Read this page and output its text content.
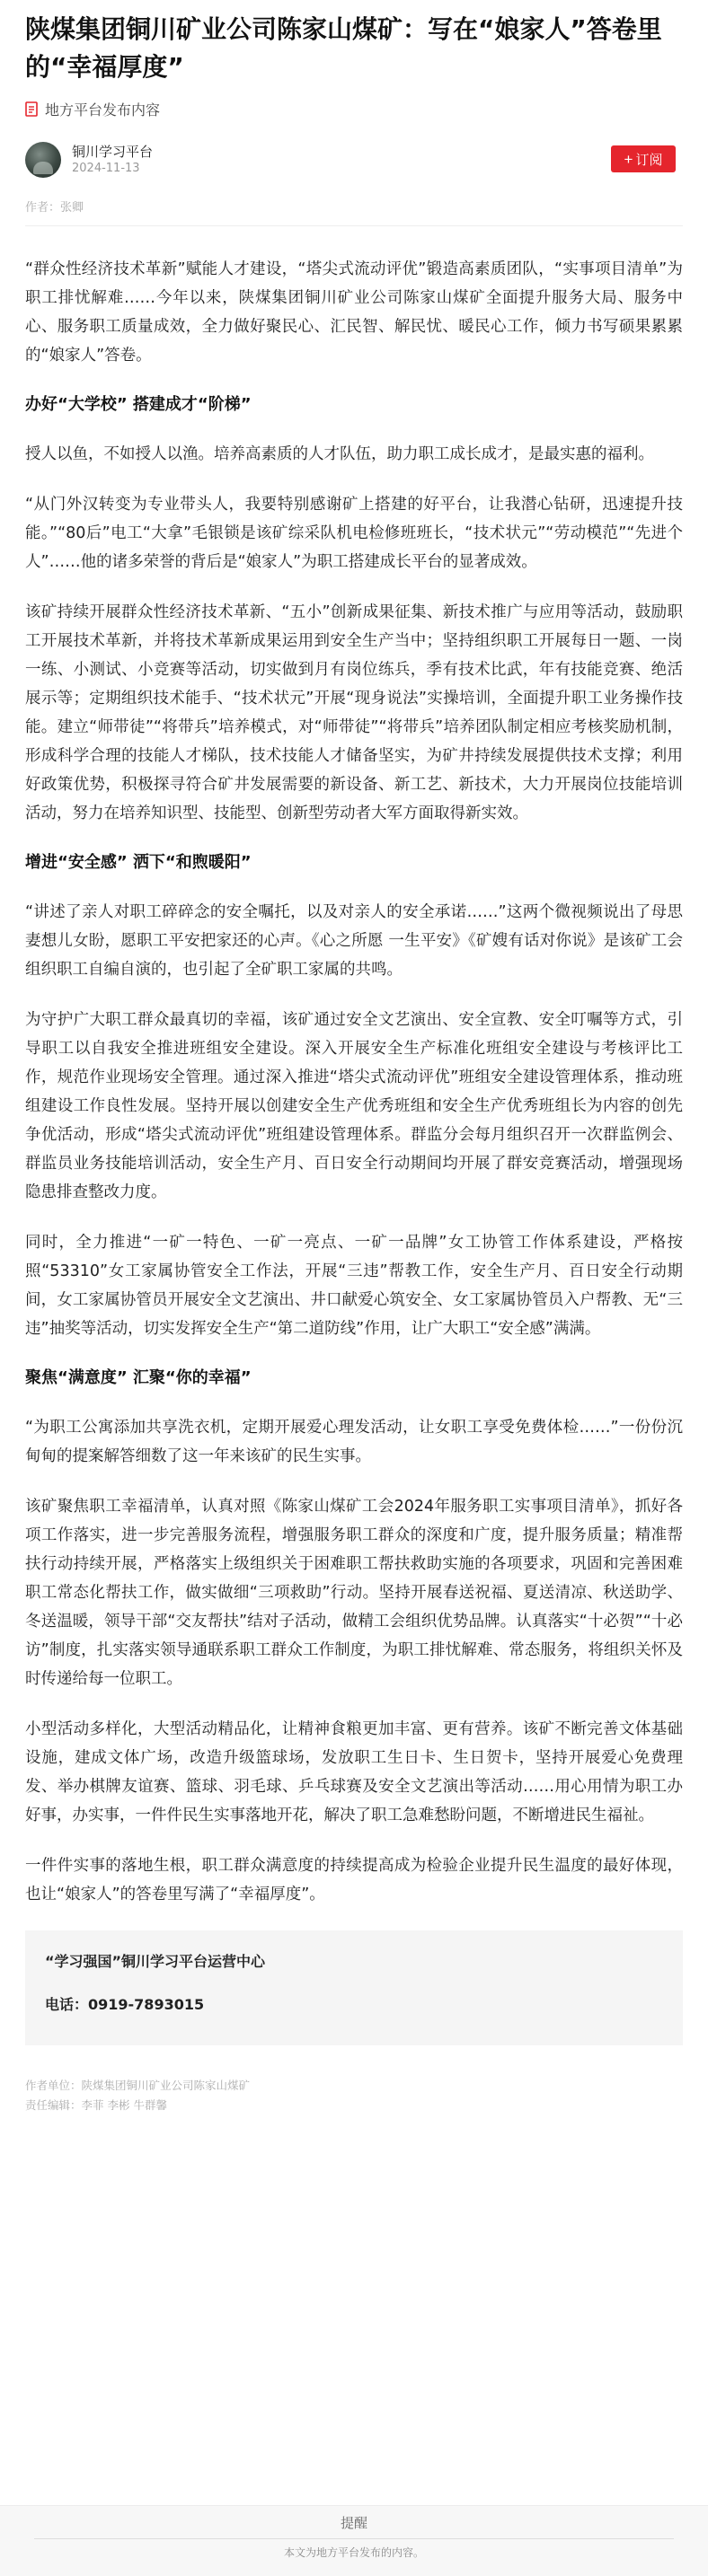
陕煤集团铜川矿业公司陈家山煤矿：写在“娘家人”答卷里的“幸福厚度”
地方平台发布内容
铜川学习平台
2024-11-13
+ 订阅
作者：张卿

“群众性经济技术革新”赋能人才建设，“塔尖式流动评优”锻造高素质团队，“实事项目清单”为职工排忧解难……今年以来，陕煤集团铜川矿业公司陈家山煤矿全面提升服务大局、服务中心、服务职工质量成效，全力做好聚民心、汇民智、解民忧、暖民心工作，倾力书写硕果累累的“娘家人”答卷。

办好“大学校” 搭建成才“阶梯”

授人以鱼，不如授人以渔。培养高素质的人才队伍，助力职工成长成才，是最实惠的福利。

“从门外汉转变为专业带头人，我要特别感谢矿上搭建的好平台，让我潜心钻研，迅速提升技能。”“80后”电工“大拿”毛银锁是该矿综采队机电检修班班长，“技术状元”“劳动模范”“先进个人”……他的诸多荣誉的背后是“娘家人”为职工搭建成长平台的显著成效。

该矿持续开展群众性经济技术革新、“五小”创新成果征集、新技术推广与应用等活动，鼓励职工开展技术革新，并将技术革新成果运用到安全生产当中；坚持组织职工开展每日一题、一岗一练、小测试、小竞赛等活动，切实做到月有岗位练兵，季有技术比武，年有技能竞赛、绝活展示等；定期组织技术能手、“技术状元”开展“现身说法”实操培训，全面提升职工业务操作技能。建立“师带徒”“将带兵”培养模式，对“师带徒”“将带兵”培养团队制定相应考核奖励机制，形成科学合理的技能人才梯队，技术技能人才储备坚实，为矿井持续发展提供技术支撑；利用好政策优势，积极探寻符合矿井发展需要的新设备、新工艺、新技术，大力开展岗位技能培训活动，努力在培养知识型、技能型、创新型劳动者大军方面取得新实效。

增进“安全感” 洒下“和煦暖阳”

“讲述了亲人对职工碎碎念的安全嘱托，以及对亲人的安全承诺……”这两个微视频说出了母思妻想儿女盼，愿职工平安把家还的心声。《心之所愿 一生平安》《矿嫂有话对你说》是该矿工会组织职工自编自演的，也引起了全矿职工家属的共鸣。

为守护广大职工群众最真切的幸福，该矿通过安全文艺演出、安全宣教、安全叮嘱等方式，引导职工以自我安全推进班组安全建设。深入开展安全生产标准化班组安全建设与考核评比工作，规范作业现场安全管理。通过深入推进“塔尖式流动评优”班组安全建设管理体系，推动班组建设工作良性发展。坚持开展以创建安全生产优秀班组和安全生产优秀班组长为内容的创先争优活动，形成“塔尖式流动评优”班组建设管理体系。群监分会每月组织召开一次群监例会、群监员业务技能培训活动，安全生产月、百日安全行动期间均开展了群安竞赛活动，增强现场隐患排查整改力度。

同时，全力推进“一矿一特色、一矿一亮点、一矿一品牌”女工协管工作体系建设，严格按照“53310”女工家属协管安全工作法，开展“三违”帮教工作，安全生产月、百日安全行动期间，女工家属协管员开展安全文艺演出、井口献爱心筑安全、女工家属协管员入户帮教、无“三违”抽奖等活动，切实发挥安全生产“第二道防线”作用，让广大职工“安全感”满满。

聚焦“满意度” 汇聚“你的幸福”

“为职工公寓添加共享洗衣机，定期开展爱心理发活动，让女职工享受免费体检……”一份份沉甸甸的提案解答细数了这一年来该矿的民生实事。

该矿聚焦职工幸福清单，认真对照《陈家山煤矿工会2024年服务职工实事项目清单》，抓好各项工作落实，进一步完善服务流程，增强服务职工群众的深度和广度，提升服务质量；精准帮扶行动持续开展，严格落实上级组织关于困难职工帮扶救助实施的各项要求，巩固和完善困难职工常态化帮扶工作，做实做细“三项救助”行动。坚持开展春送祝福、夏送清凉、秋送助学、冬送温暖，领导干部“交友帮扶”结对子活动，做精工会组织优势品牌。认真落实“十必贺”“十必访”制度，扎实落实领导通联系职工群众工作制度，为职工排忧解难、常态服务，将组织关怀及时传递给每一位职工。

小型活动多样化，大型活动精品化，让精神食粮更加丰富、更有营养。该矿不断完善文体基础设施，建成文体广场，改造升级篮球场，发放职工生日卡、生日贺卡，坚持开展爱心免费理发、举办棋牌友谊赛、篮球、羽毛球、乒乓球赛及安全文艺演出等活动……用心用情为职工办好事，办实事，一件件民生实事落地开花，解决了职工急难愁盼问题，不断增进民生福祉。

一件件实事的落地生根，职工群众满意度的持续提高成为检验企业提升民生温度的最好体现，也让“娘家人”的答卷里写满了“幸福厚度”。

“学习强国”铜川学习平台运营中心
电话：0919-7893015
作者单位：陕煤集团铜川矿业公司陈家山煤矿
责任编辑：李菲 李彬 牛群馨
提醒
本文为地方平台发布的内容。
